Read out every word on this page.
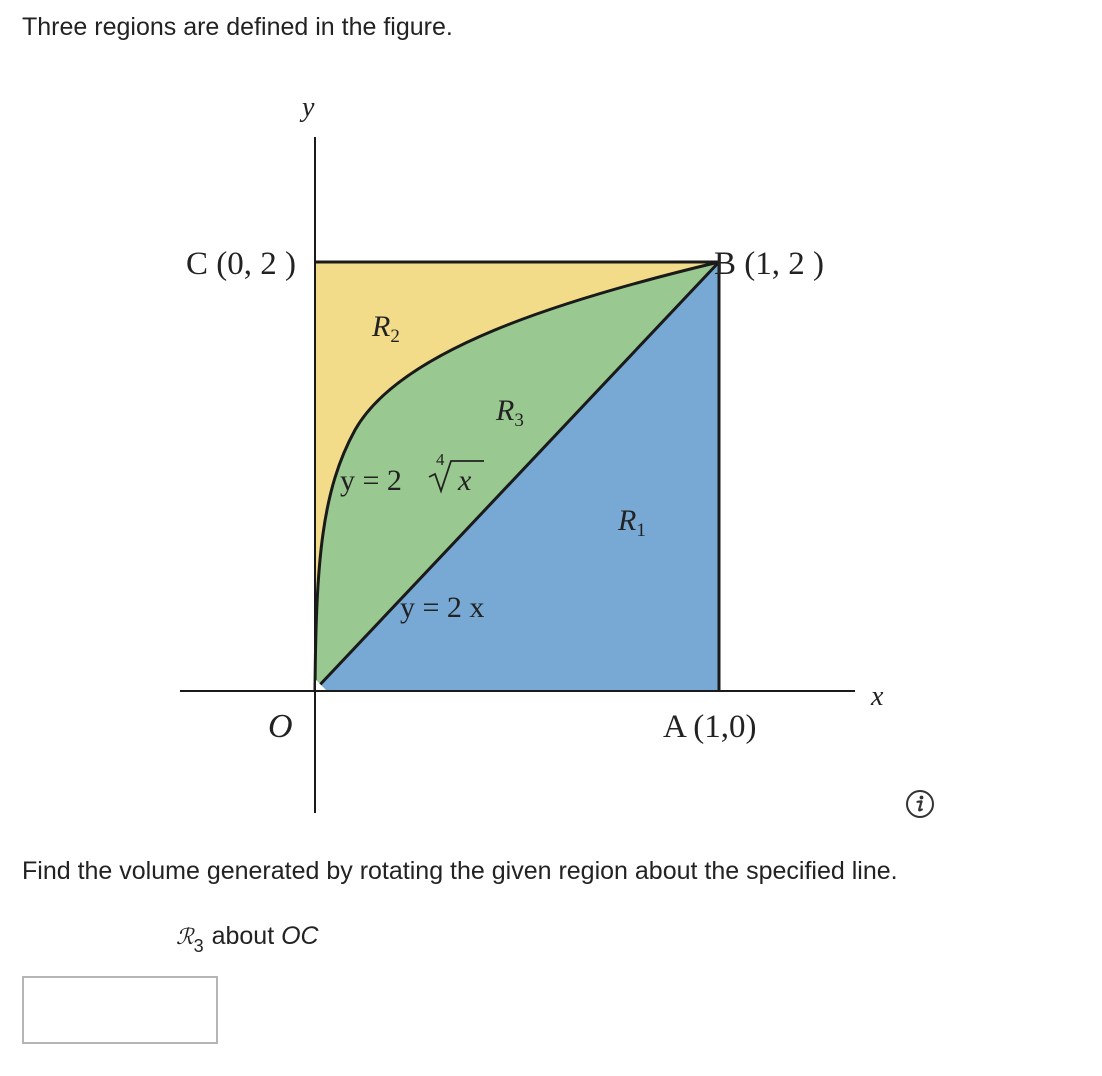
Three regions are defined in the figure.
y
x
O
C (0, 2 )	B (1, 2 )
A (1,0)
$R_2$
$R_3$
$R_1$
y = 2
4
x
y = 2 x
Find the volume generated by rotating the given region about the specified line.
ℛ$_3$ about OC
